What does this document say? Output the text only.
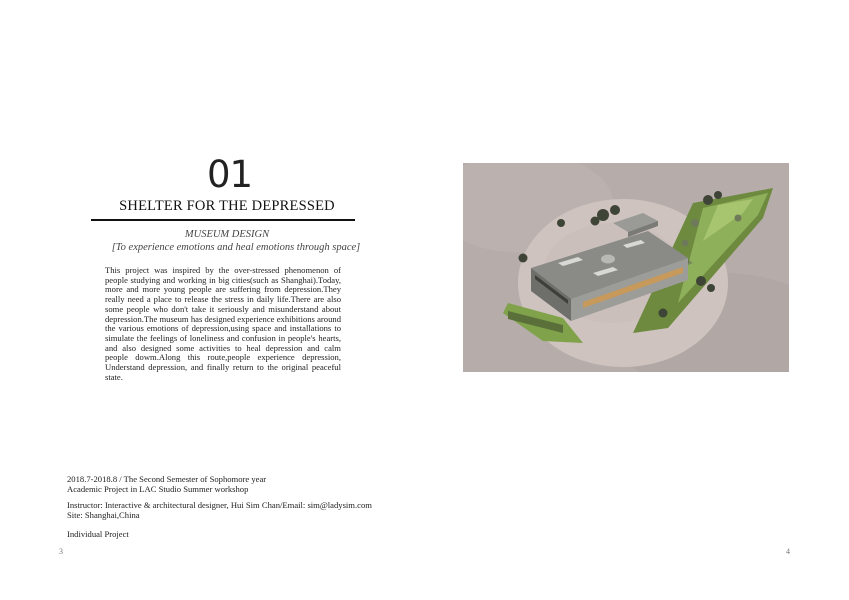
01
SHELTER FOR THE DEPRESSED
MUSEUM DESIGN
[To experience emotions and heal emotions through space]

This project was inspired by the over-stressed phenomenon of people studying and working in big cities(such as Shanghai).Today, more and more young people are suffering from depression.They really need a place to release the stress in daily life.There are also some people who don't take it seriously and misunderstand about depression.The museum has designed experience exhibitions around the various emotions of depression,using space and installations to simulate the feelings of loneliness and confusion in people's hearts, and also designed some activities to heal depression and calm people dowm.Along this route,people experience depression, Understand depression, and finally return to the original peaceful state.

2018.7-2018.8 / The Second Semester of Sophomore year
Academic Project in LAC Studio Summer workshop
Instructor: Interactive & architectural designer, Hui Sim Chan/Email: sim@ladysim.com
Site: Shanghai,China
Individual Project
3	4
